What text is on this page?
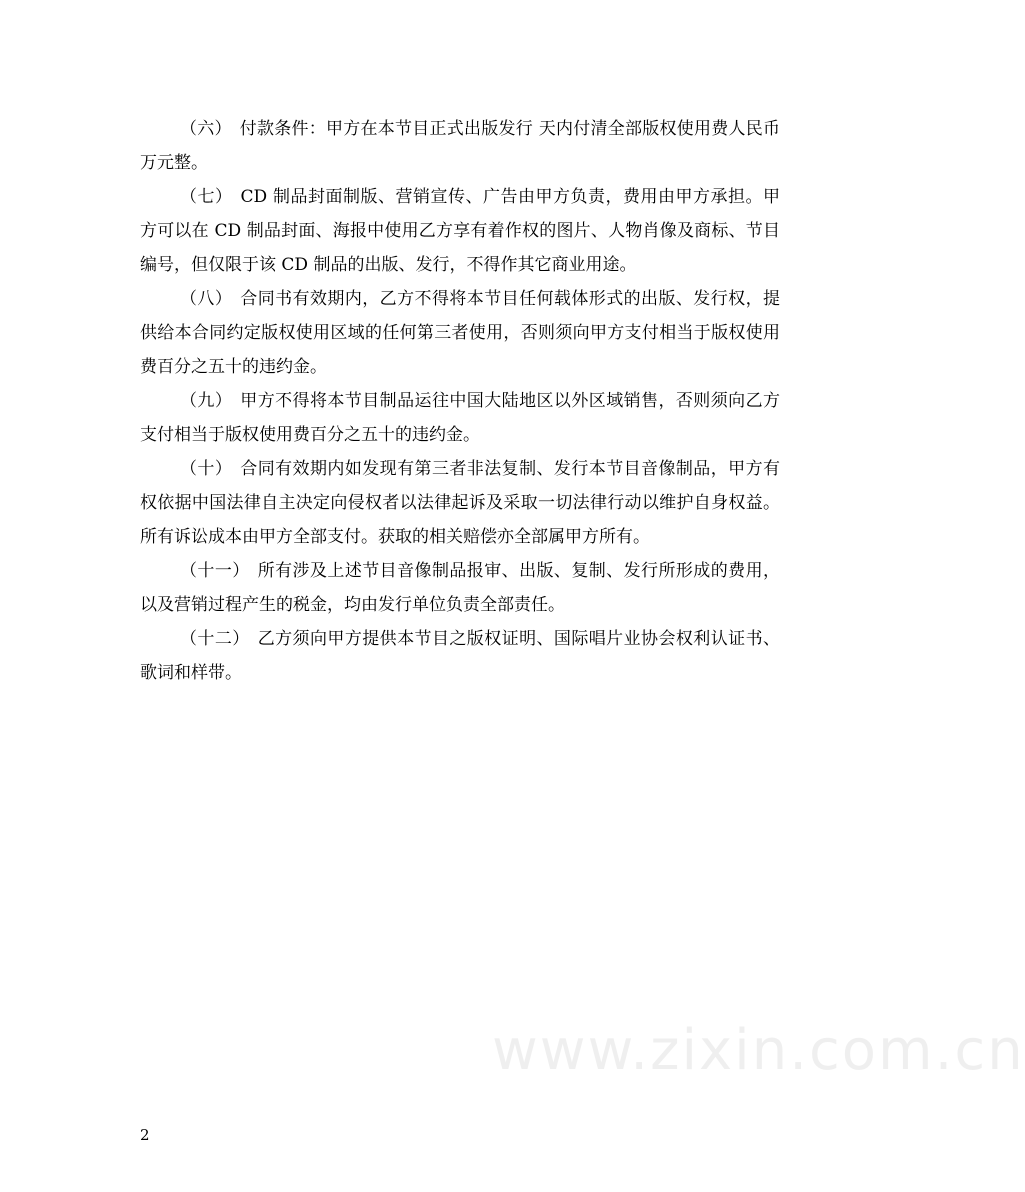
（六） 付款条件：甲方在本节目正式出版发行 天内付清全部版权使用费人民币    万元整。

（七） CD 制品封面制版、营销宣传、广告由甲方负责，费用由甲方承担。甲方可以在 CD 制品封面、海报中使用乙方享有着作权的图片、人物肖像及商标、节目编号，但仅限于该 CD 制品的出版、发行，不得作其它商业用途。

（八） 合同书有效期内，乙方不得将本节目任何载体形式的出版、发行权，提供给本合同约定版权使用区域的任何第三者使用，否则须向甲方支付相当于版权使用费百分之五十的违约金。

（九） 甲方不得将本节目制品运往中国大陆地区以外区域销售，否则须向乙方支付相当于版权使用费百分之五十的违约金。

（十） 合同有效期内如发现有第三者非法复制、发行本节目音像制品，甲方有权依据中国法律自主决定向侵权者以法律起诉及采取一切法律行动以维护自身权益。所有诉讼成本由甲方全部支付。获取的相关赔偿亦全部属甲方所有。

（十一） 所有涉及上述节目音像制品报审、出版、复制、发行所形成的费用，以及营销过程产生的税金，均由发行单位负责全部责任。

（十二） 乙方须向甲方提供本节目之版权证明、国际唱片业协会权利认证书、歌词和样带。

www.zixin.com.cn
2
